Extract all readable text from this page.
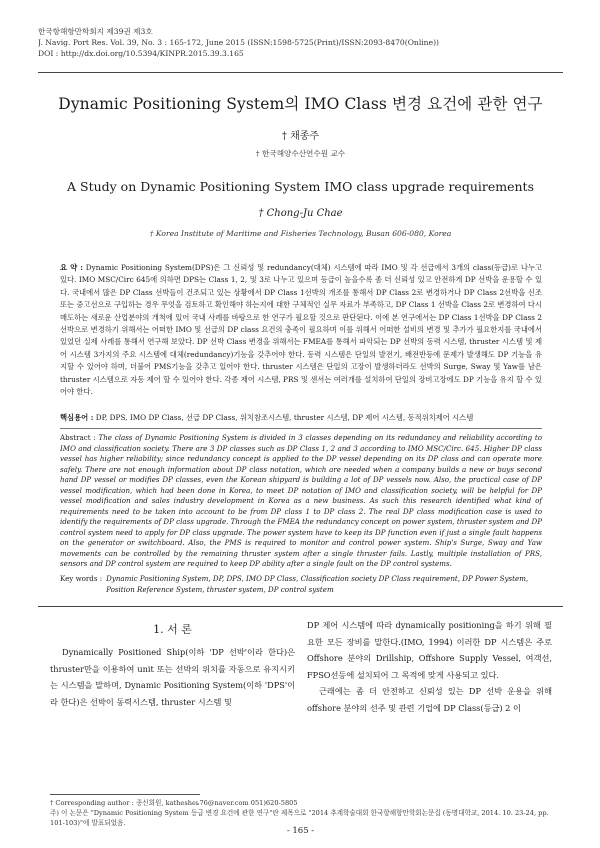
한국항해항만학회지 제39권 제3호
J. Navig. Port Res. Vol. 39, No. 3 : 165-172, June 2015 (ISSN:1598-5725(Print)/ISSN:2093-8470(Online))
DOI : http://dx.doi.org/10.5394/KINPR.2015.39.3.165
Dynamic Positioning System의 IMO Class 변경 요건에 관한 연구
† 채종주
† 한국해양수산연수원 교수
A Study on Dynamic Positioning System IMO class upgrade requirements
† Chong-Ju Chae
† Korea Institute of Maritime and Fisheries Technology, Busan 606-080, Korea
요 약 : Dynamic Positioning System(DPS)은 그 신뢰성 및 redundancy(대체) 시스템에 따라 IMO 및 각 선급에서 3개의 class(등급)로 나누고 있다. IMO MSC/Circ 645에 의하면 DPS는 Class 1, 2, 및 3로 나누고 있으며 등급이 높을수록 좀 더 신뢰성 있고 안전하게 DP 선박을 운용할 수 있다. 국내에서 많은 DP Class 선박들이 건조되고 있는 상황에서 DP Class 1선박의 개조를 통해서 DP Class 2로 변경하거나 DP Class 2선박을 신조 또는 중고선으로 구입하는 경우 무엇을 검토하고 확인해야 하는지에 대한 구체적인 실무 자료가 부족하고, DP Class 1 선박을 Class 2로 변경하여 다시 매도하는 새로운 산업분야의 개척에 있어 국내 사례를 바탕으로 한 연구가 필요할 것으로 판단된다. 이에 본 연구에서는 DP Class 1선박을 DP Class 2 선박으로 변경하기 위해서는 어떠한 IMO 및 선급의 DP class 요건의 충족이 필요하며 이를 위해서 어떠한 설비의 변경 및 추가가 필요한지를 국내에서 있었던 실제 사례를 통해서 연구해 보았다. DP 선박 Class 변경을 위해서는 FMEA를 통해서 파악되는 DP 선박의 동력 시스템, thruster 시스템 및 제어 시스템 3가지의 주요 시스템에 대체(redundancy)기능을 갖추어야 한다. 동력 시스템은 단일의 발전기, 배전반등에 문제가 발생해도 DP 기능을 유지할 수 있어야 하며, 더불어 PMS기능을 갖추고 있어야 한다. thruster 시스템은 단일의 고장이 발생하더라도 선박의 Surge, Sway 및 Yaw를 남은 thruster 시스템으로 자동 제어 할 수 있어야 한다. 각종 제어 시스템, PRS 및 센서는 여러개를 설치하여 단일의 장비고장에도 DP 기능을 유지 할 수 있어야 한다.
핵심용어 : DP, DPS, IMO DP Class, 선급 DP Class, 위치참조시스템, thruster 시스템, DP 제어 시스템, 동적위치제어 시스템
Abstract : The class of Dynamic Positioning System is divided in 3 classes depending on its redundancy and reliability according to IMO and classification society. There are 3 DP classes such as DP Class 1, 2 and 3 according to IMO MSC/Circ. 645. Higher DP class vessel has higher reliability; since redundancy concept is applied to the DP vessel depending on its DP class and can operate more safely. There are not enough information about DP class notation, which are needed when a company builds a new or buys second hand DP vessel or modifies DP classes, even the Korean shipyard is building a lot of DP vessels now. Also, the practical case of DP vessel modification, which had been done in Korea, to meet DP notation of IMO and classification society, will be helpful for DP vessel modification and sales industry development in Korea as a new business. As such this research identified what kind of requirements need to be taken into account to be from DP class 1 to DP class 2. The real DP class modification case is used to identify the requirements of DP class upgrade. Through the FMEA the redundancy concept on power system, thruster system and DP control system need to apply for DP class upgrade. The power system have to keep its DP function even if just a single fault happens on the generator or switchboard. Also, the PMS is required to monitor and control power system. Ship's Surge, Sway and Yaw movements can be controlled by the remaining thruster system after a single thruster fails. Lastly, multiple installation of PRS, sensors and DP control system are required to keep DP ability after a single fault on the DP control systems.
Key words : Dynamic Positioning System, DP, DPS, IMO DP Class, Classification society DP Class requirement, DP Power System, Position Reference System, thruster system, DP control system
1. 서 론

Dynamically Positioned Ship(이하 'DP 선박'이라 한다)은 thruster만을 이용하여 unit 또는 선박의 위치를 자동으로 유지시키는 시스템을 말하며, Dynamic Positioning System(이하 'DPS'이라 한다)은 선박이 동력시스템, thruster 시스템 및

DP 제어 시스템에 따라 dynamically positioning을 하기 위해 필요한 모든 장비를 말한다.(IMO, 1994) 이러한 DP 시스템은 주로 Offshore 분야의 Drillship, Offshore Supply Vessel, 여객선, FPSO선등에 설치되어 그 목적에 맞게 사용되고 있다.

근래에는 좀 더 안전하고 신뢰성 있는 DP 선박 운용을 위해 offshore 분야의 선주 및 관련 기업에 DP Class(등급) 2 이

† Corresponding author : 종신회원, kathesheь76@naver.com 051)620-5805
주) 이 논문은 "Dynamic Positioning System 등급 변경 요건에 관한 연구"란 제목으로 "2014 추계학술대회 한국항해항만학회논문집 (동명대학교, 2014. 10. 23-24, pp. 101-103)"에 발표되었음.
- 165 -
